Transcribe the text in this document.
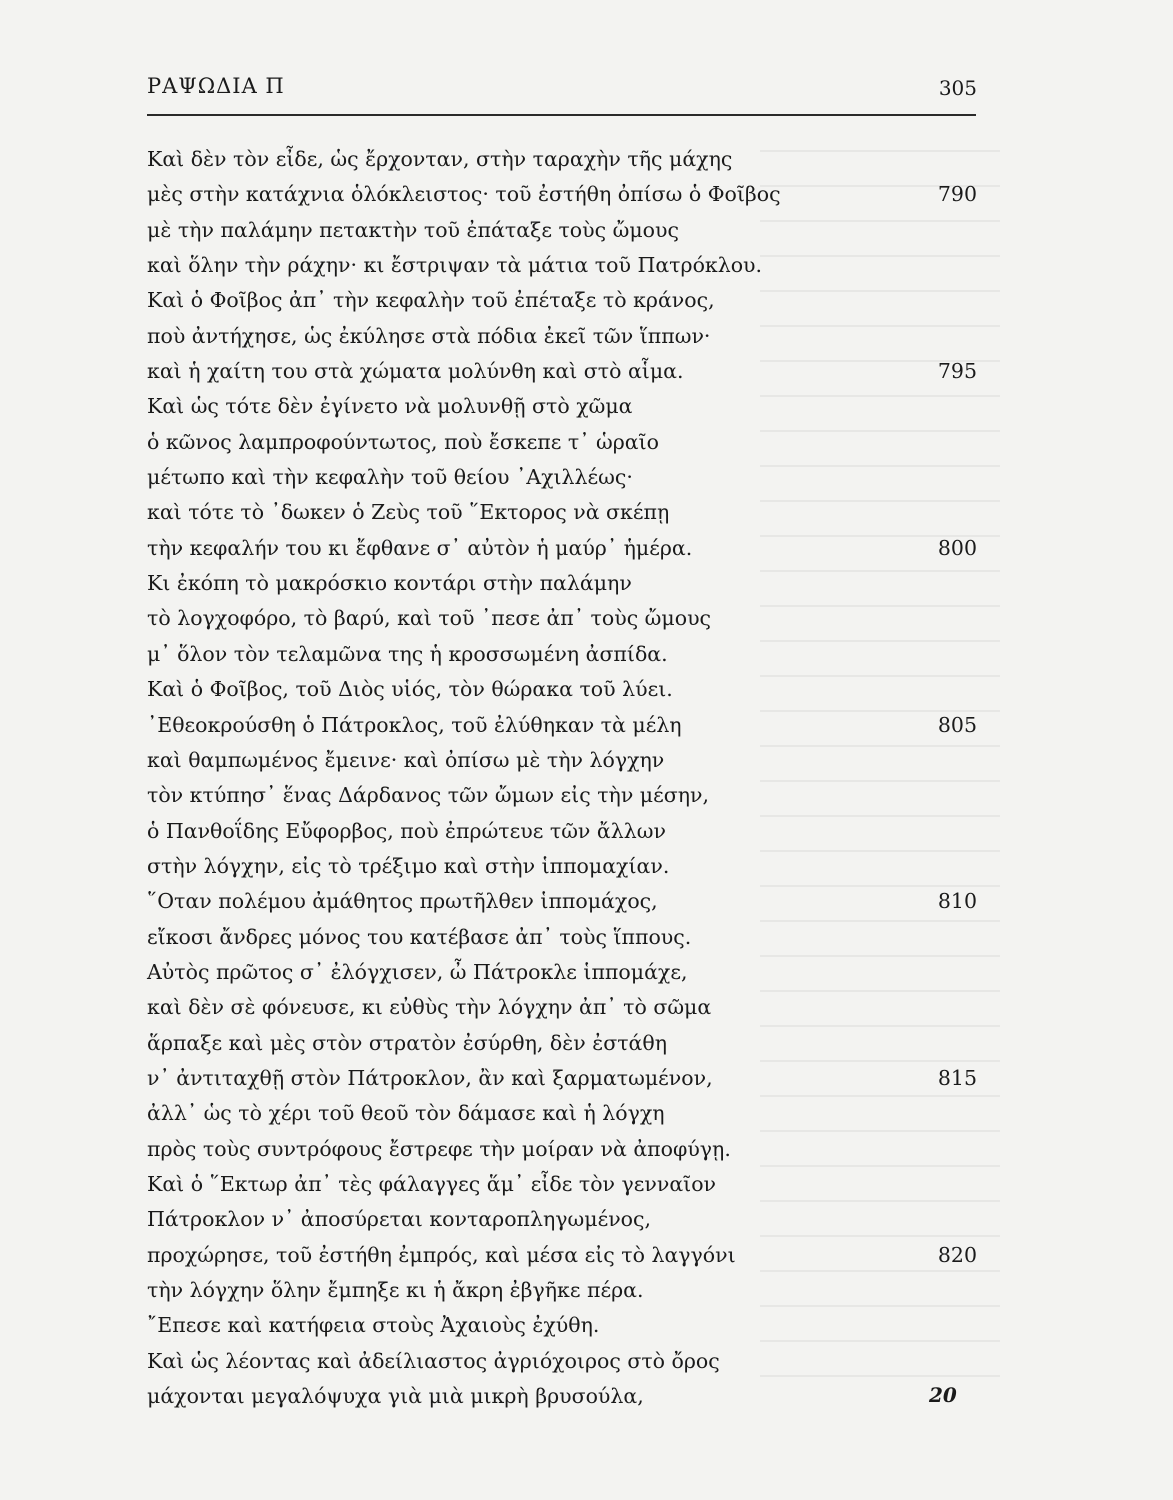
ΡΑΨΩΔΙΑ Π	305
Καὶ δὲν τὸν εἶδε, ὡς ἔρχονταν, στὴν ταραχὴν τῆς μάχης
μὲς στὴν κατάχνια ὁλόκλειστος· τοῦ ἐστήθη ὀπίσω ὁ Φοῖβος	790
μὲ τὴν παλάμην πετακτὴν τοῦ ἐπάταξε τοὺς ὤμους
καὶ ὅλην τὴν ράχην· κι ἔστριψαν τὰ μάτια τοῦ Πατρόκλου.
Καὶ ὁ Φοῖβος ἀπ᾽ τὴν κεφαλὴν τοῦ ἐπέταξε τὸ κράνος,
ποὺ ἀντήχησε, ὡς ἐκύλησε στὰ πόδια ἐκεῖ τῶν ἵππων·
καὶ ἡ χαίτη του στὰ χώματα μολύνθη καὶ στὸ αἷμα.	795
Καὶ ὡς τότε δὲν ἐγίνετο νὰ μολυνθῇ στὸ χῶμα
ὁ κῶνος λαμπροφούντωτος, ποὺ ἔσκεπε τ᾽ ὡραῖο
μέτωπο καὶ τὴν κεφαλὴν τοῦ θείου ᾿Αχιλλέως·
καὶ τότε τὸ ᾿δωκεν ὁ Ζεὺς τοῦ ῞Εκτορος νὰ σκέπῃ
τὴν κεφαλήν του κι ἔφθανε σ᾽ αὐτὸν ἡ μαύρ᾽ ἡμέρα.	800
Κι ἐκόπη τὸ μακρόσκιο κοντάρι στὴν παλάμην
τὸ λογχοφόρο, τὸ βαρύ, καὶ τοῦ ᾿πεσε ἀπ᾽ τοὺς ὤμους
μ᾽ ὅλον τὸν τελαμῶνα της ἡ κροσσωμένη ἀσπίδα.
Καὶ ὁ Φοῖβος, τοῦ Διὸς υἱός, τὸν θώρακα τοῦ λύει.
᾿Εθεοκρούσθη ὁ Πάτροκλος, τοῦ ἐλύθηκαν τὰ μέλη	805
καὶ θαμπωμένος ἔμεινε· καὶ ὀπίσω μὲ τὴν λόγχην
τὸν κτύπησ᾽ ἕνας Δάρδανος τῶν ὤμων εἰς τὴν μέσην,
ὁ Πανθοΐδης Εὔφορβος, ποὺ ἐπρώτευε τῶν ἄλλων
στὴν λόγχην, εἰς τὸ τρέξιμο καὶ στὴν ἱππομαχίαν.
῞Οταν πολέμου ἀμάθητος πρωτῆλθεν ἱππομάχος,	810
εἴκοσι ἄνδρες μόνος του κατέβασε ἀπ᾽ τοὺς ἵππους.
Αὐτὸς πρῶτος σ᾽ ἐλόγχισεν, ὦ Πάτροκλε ἱππομάχε,
καὶ δὲν σὲ φόνευσε, κι εὐθὺς τὴν λόγχην ἀπ᾽ τὸ σῶμα
ἅρπαξε καὶ μὲς στὸν στρατὸν ἐσύρθη, δὲν ἐστάθη
ν᾽ ἀντιταχθῇ στὸν Πάτροκλον, ἂν καὶ ξαρματωμένον,	815
ἀλλ᾽ ὡς τὸ χέρι τοῦ θεοῦ τὸν δάμασε καὶ ἡ λόγχη
πρὸς τοὺς συντρόφους ἔστρεφε τὴν μοίραν νὰ ἀποφύγῃ.
Καὶ ὁ ῞Εκτωρ ἀπ᾽ τὲς φάλαγγες ἅμ᾽ εἶδε τὸν γενναῖον
Πάτροκλον ν᾽ ἀποσύρεται κονταροπληγωμένος,
προχώρησε, τοῦ ἐστήθη ἐμπρός, καὶ μέσα εἰς τὸ λαγγόνι	820
τὴν λόγχην ὅλην ἔμπηξε κι ἡ ἄκρη ἐβγῆκε πέρα.
῎Επεσε καὶ κατήφεια στοὺς Ἀχαιοὺς ἐχύθη.
Καὶ ὡς λέοντας καὶ ἀδείλιαστος ἀγριόχοιρος στὸ ὄρος
μάχονται μεγαλόψυχα γιὰ μιὰ μικρὴ βρυσούλα,	20
